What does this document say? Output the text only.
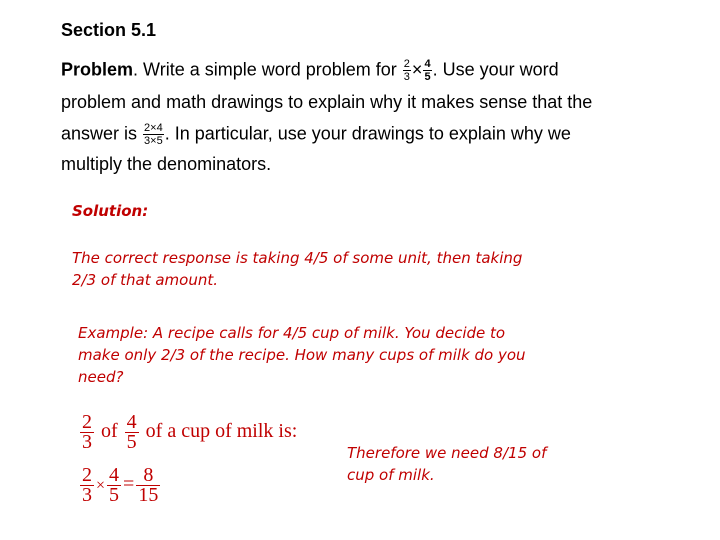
Section 5.1
Problem. Write a simple word problem for $\frac{2}{3} \times \frac{4}{5}$ . Use your word
problem and math drawings to explain why it makes sense that the
answer is $\frac{2\times 4}{3\times 5}$ . In particular, use your drawings to explain why we
multiply the denominators.
Solution:
The correct response is taking 4/5 of some unit, then taking
2/3 of that amount.
Example: A recipe calls for 4/5 cup of milk. You decide to
make only 2/3 of the recipe. How many cups of milk do you
need?
$\frac{2}{3}$ of $\frac{4}{5}$ of a cup of milk is:
$\frac{2}{3} \times \frac{4}{5} = \frac{8}{15}$
Therefore we need 8/15 of
cup of milk.
